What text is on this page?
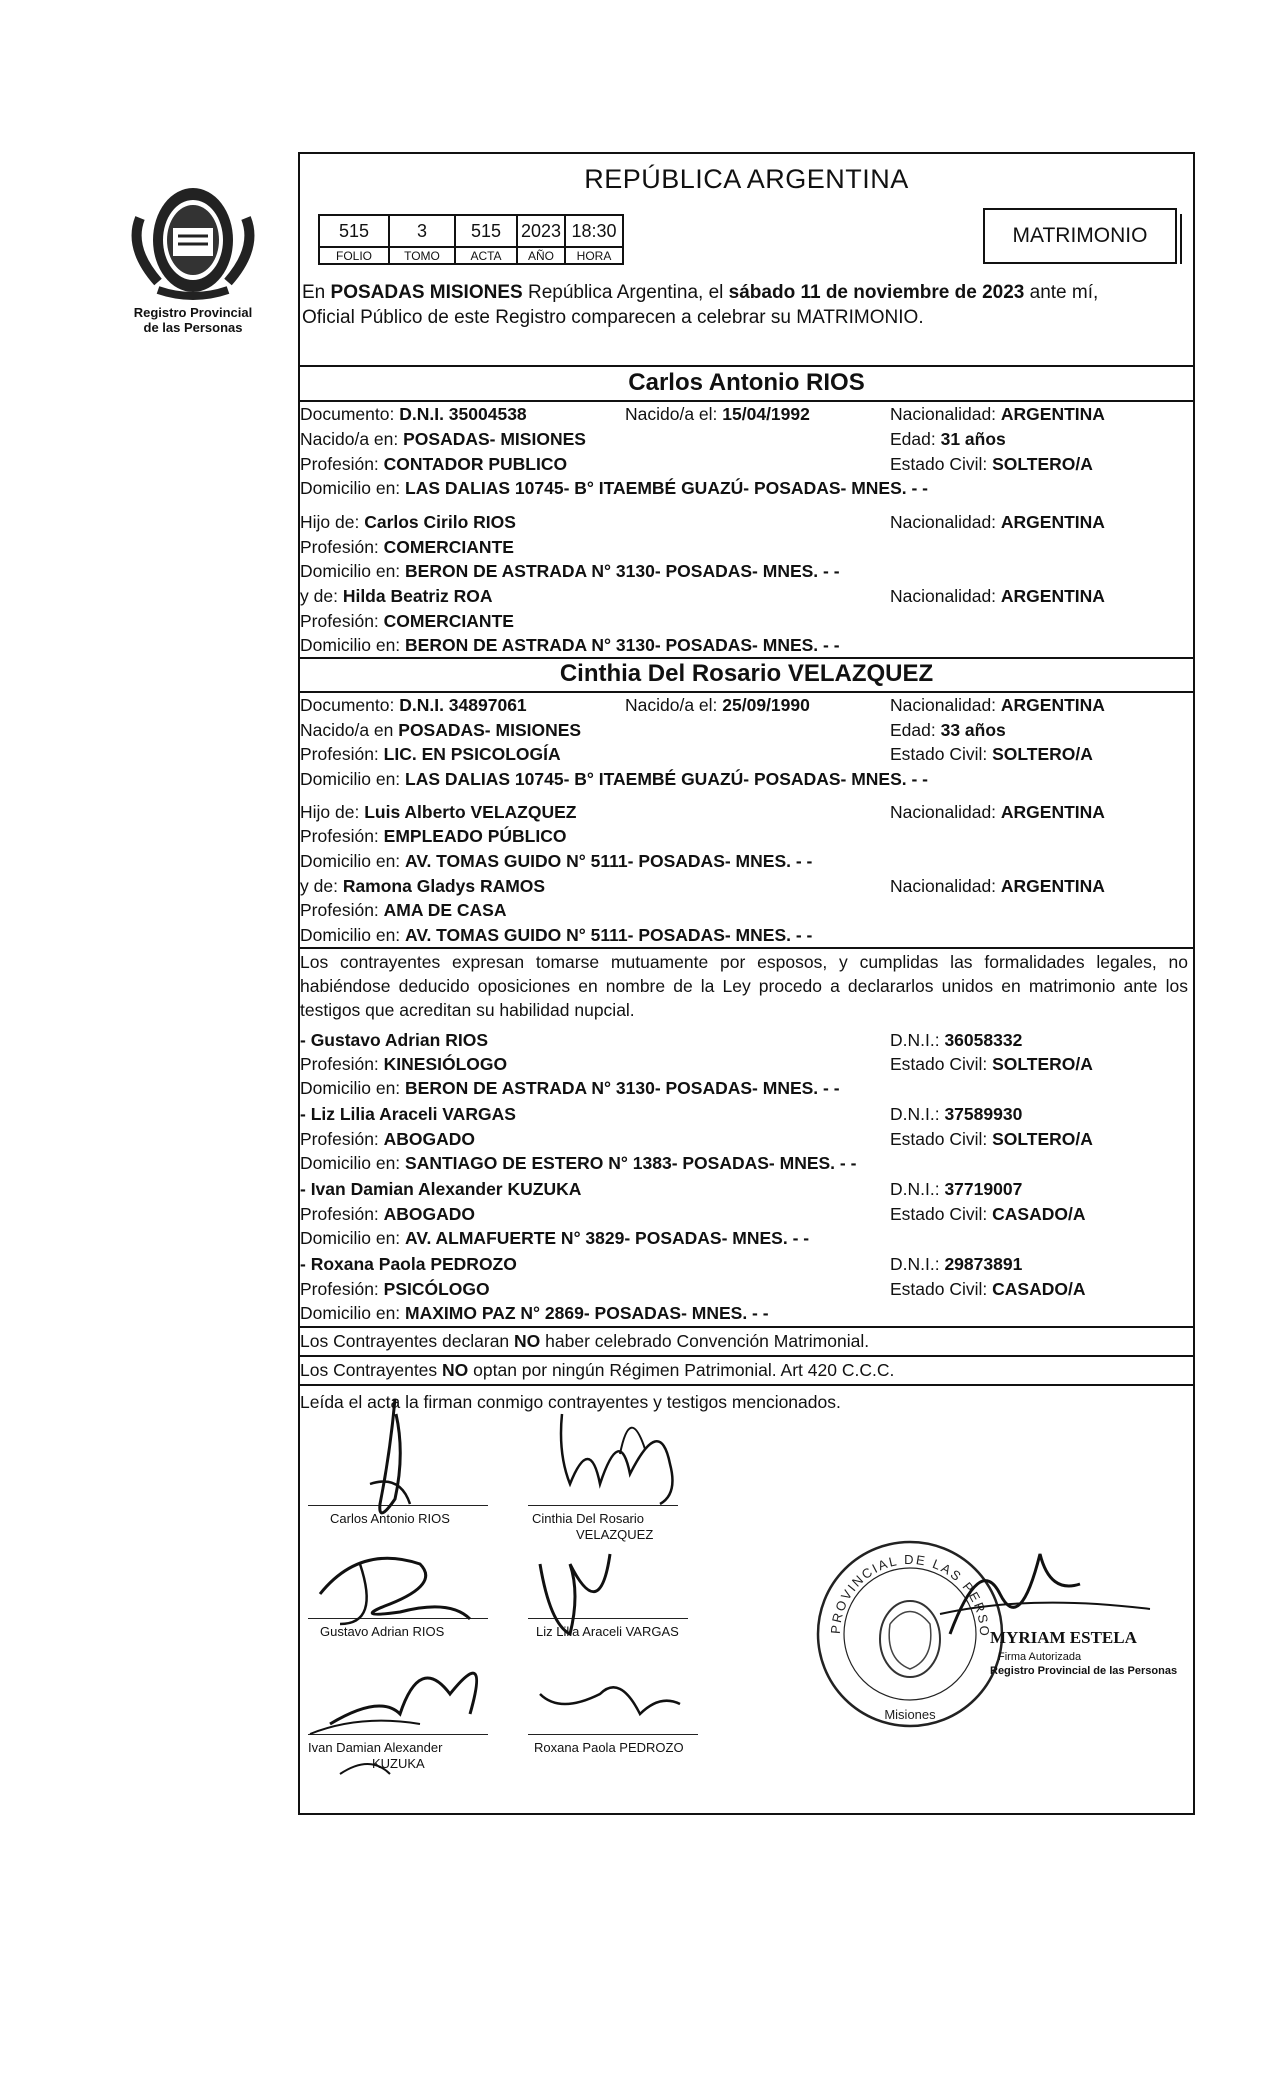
Registro Provincial
de las Personas
REPÚBLICA ARGENTINA
515	3	515	2023	18:30
FOLIO	TOMO	ACTA	AÑO	HORA
MATRIMONIO
En POSADAS MISIONES República Argentina, el sábado 11 de noviembre de 2023 ante mí,
Oficial Público de este Registro comparecen a celebrar su MATRIMONIO.
Carlos Antonio RIOS
Documento: D.N.I. 35004538	Nacido/a el: 15/04/1992	Nacionalidad: ARGENTINA
Nacido/a en: POSADAS- MISIONES	Edad: 31 años
Profesión: CONTADOR PUBLICO	Estado Civil: SOLTERO/A
Domicilio en: LAS DALIAS 10745- B° ITAEMBÉ GUAZÚ- POSADAS- MNES. - -
Hijo de: Carlos Cirilo RIOS	Nacionalidad: ARGENTINA
Profesión: COMERCIANTE
Domicilio en: BERON DE ASTRADA N° 3130- POSADAS- MNES. - -
y de: Hilda Beatriz ROA	Nacionalidad: ARGENTINA
Profesión: COMERCIANTE
Domicilio en: BERON DE ASTRADA N° 3130- POSADAS- MNES. - -
Cinthia Del Rosario VELAZQUEZ
Documento: D.N.I. 34897061	Nacido/a el: 25/09/1990	Nacionalidad: ARGENTINA
Nacido/a en POSADAS- MISIONES	Edad: 33 años
Profesión: LIC. EN PSICOLOGÍA	Estado Civil: SOLTERO/A
Domicilio en: LAS DALIAS 10745- B° ITAEMBÉ GUAZÚ- POSADAS- MNES. - -
Hijo de: Luis Alberto VELAZQUEZ	Nacionalidad: ARGENTINA
Profesión: EMPLEADO PÚBLICO
Domicilio en: AV. TOMAS GUIDO N° 5111- POSADAS- MNES. - -
y de: Ramona Gladys RAMOS	Nacionalidad: ARGENTINA
Profesión: AMA DE CASA
Domicilio en: AV. TOMAS GUIDO N° 5111- POSADAS- MNES. - -
Los contrayentes expresan tomarse mutuamente por esposos, y cumplidas las formalidades legales, no habiéndose deducido oposiciones en nombre de la Ley procedo a declararlos unidos en matrimonio ante los testigos que acreditan su habilidad nupcial.
- Gustavo Adrian RIOS	D.N.I.: 36058332
Profesión: KINESIÓLOGO	Estado Civil: SOLTERO/A
Domicilio en: BERON DE ASTRADA N° 3130- POSADAS- MNES. - -
- Liz Lilia Araceli VARGAS	D.N.I.: 37589930
Profesión: ABOGADO	Estado Civil: SOLTERO/A
Domicilio en: SANTIAGO DE ESTERO N° 1383- POSADAS- MNES. - -
- Ivan Damian Alexander KUZUKA	D.N.I.: 37719007
Profesión: ABOGADO	Estado Civil: CASADO/A
Domicilio en: AV. ALMAFUERTE N° 3829- POSADAS- MNES. - -
- Roxana Paola PEDROZO	D.N.I.: 29873891
Profesión: PSICÓLOGO	Estado Civil: CASADO/A
Domicilio en: MAXIMO PAZ N° 2869- POSADAS- MNES. - -
Los Contrayentes declaran NO haber celebrado Convención Matrimonial.
Los Contrayentes NO optan por ningún Régimen Patrimonial. Art 420 C.C.C.
Leída el acta la firman conmigo contrayentes y testigos mencionados.
Carlos Antonio RIOS	Cinthia Del Rosario
VELAZQUEZ
Gustavo Adrian RIOS	Liz Lilia Araceli VARGAS
Ivan Damian Alexander
KUZUKA
Roxana Paola PEDROZO
PROVINCIAL DE LAS PERSONAS
Misiones
MYRIAM ESTELA
Firma Autorizada
Registro Provincial de las Personas
